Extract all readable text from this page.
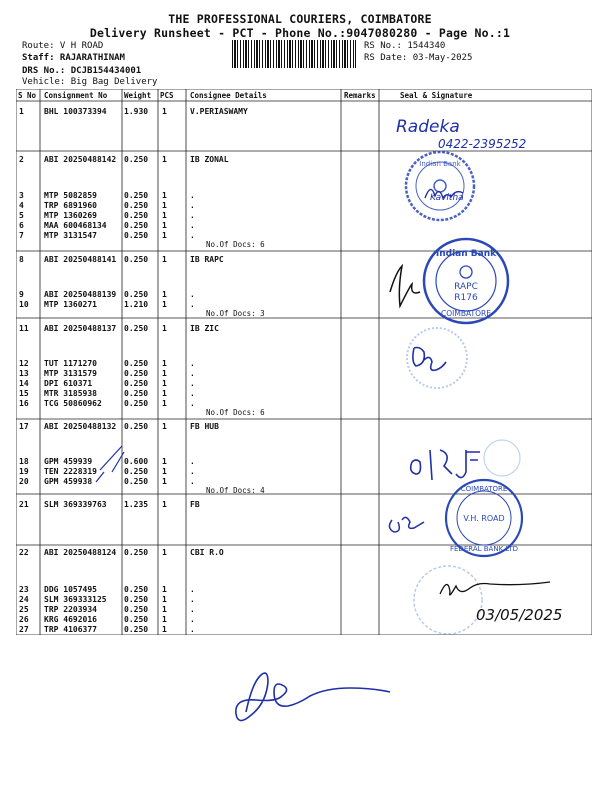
THE PROFESSIONAL COURIERS, COIMBATORE
Delivery Runsheet - PCT - Phone No.:9047080280 - Page No.:1
Route: V H ROAD
Staff: RAJARATHINAM
DRS No.: DCJB154434001
Vehicle: Big Bag Delivery
RS No.: 1544340
RS Date: 03-May-2025
S No Consignment No Weight PCS Consignee Details	Remarks	Seal & Signature
1	BHL 100373394 1.930 1	V.PERIASWAMY
2	ABI 20250488142 0.250 1	IB ZONAL
3	MTP 5082859	0.250 1	.
4	TRP 6891960	0.250 1	.
5	MTP 1360269	0.250 1	.
6	MAA 600468134 0.250 1	.
7	MTP 3131547	0.250 1	.
No.Of Docs: 6
8	ABI 20250488141 0.250 1	IB RAPC
9	ABI 20250488139 0.250 1	.
10 MTP 1360271	1.210 1	.
No.Of Docs: 3
11 ABI 20250488137 0.250 1	IB ZIC
12 TUT 1171270	0.250 1	.
13 MTP 3131579	0.250 1	.
14 DPI 610371	0.250 1	.
15 MTR 3185938	0.250 1	.
16 TCG 50860962	0.250 1	.
No.Of Docs: 6
17 ABI 20250488132 0.250 1	FB HUB
18 GPM 459939	0.600 1	.
19 TEN 2228319	0.250 1	.
20 GPM 459938	0.250 1	.
No.Of Docs: 4
21 SLM 369339763 1.235 1	FB
22 ABI 20250488124 0.250 1	CBI R.O
23 DDG 1057495	0.250 1	.
24 SLM 369333125 0.250 1	.
25 TRP 2203934	0.250 1	.
26 KRG 4692016	0.250 1	.
27 TRP 4106377	0.250 1	.
Radeka
0422-2395252
Indian Bank
Kavitha
Indian Bank
RAPC
R176
COIMBATORE
FEDERAL BANK LTD
V.H. ROAD
COIMBATORE
03/05/2025
